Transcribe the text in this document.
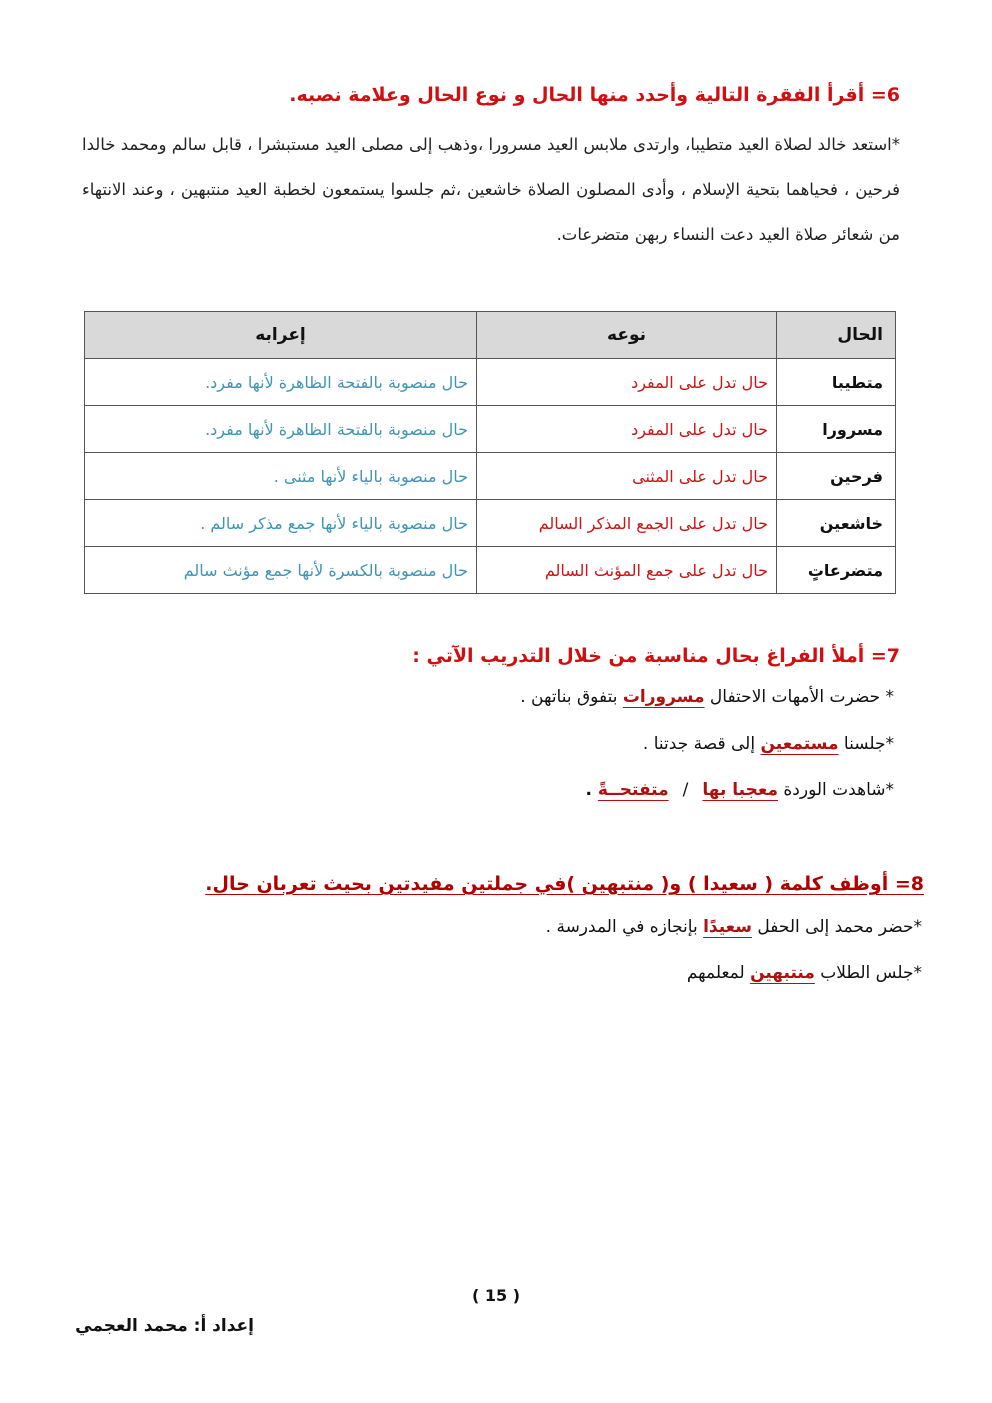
6= أقرأ الفقرة التالية وأحدد منها الحال و نوع الحال وعلامة نصبه.
*استعد خالد لصلاة العيد متطيبا، وارتدى ملابس العيد مسرورا ،وذهب إلى مصلى العيد مستبشرا ، قابل سالم ومحمد خالدا فرحين ، فحياهما بتحية الإسلام ، وأدى المصلون الصلاة خاشعين ،ثم جلسوا يستمعون لخطبة العيد منتبهين ، وعند الانتهاء من شعائر صلاة العيد دعت النساء ربهن متضرعات.
الحال	نوعه	إعرابه
متطيبا	حال تدل على المفرد	حال منصوبة بالفتحة الظاهرة لأنها مفرد.
مسرورا	حال تدل على المفرد	حال منصوبة بالفتحة الظاهرة لأنها مفرد.
فرحين	حال تدل على المثنى	حال منصوبة بالياء لأنها مثنى .
خاشعين	حال تدل على الجمع المذكر السالم	حال منصوبة بالياء لأنها جمع مذكر سالم .
متضرعاتٍ	حال تدل على جمع المؤنث السالم	حال منصوبة بالكسرة لأنها جمع مؤنث سالم
7= أملأ الفراغ بحال مناسبة من خلال التدريب الآتي :
* حضرت الأمهات الاحتفال مسرورات بتفوق بناتهن .
*جلسنا مستمعين إلى قصة جدتنا .
*شاهدت الوردة معجبا بها/متفتحــةً .
8= أوظف كلمة ( سعيدا ) و( منتبهين )في جملتين مفيدتين بحيث تعربان حال.
*حضر محمد إلى الحفل سعيدًا بإنجازه في المدرسة .
*جلس الطلاب منتبهين لمعلمهم
( 15 )
إعداد أ: محمد العجمي
